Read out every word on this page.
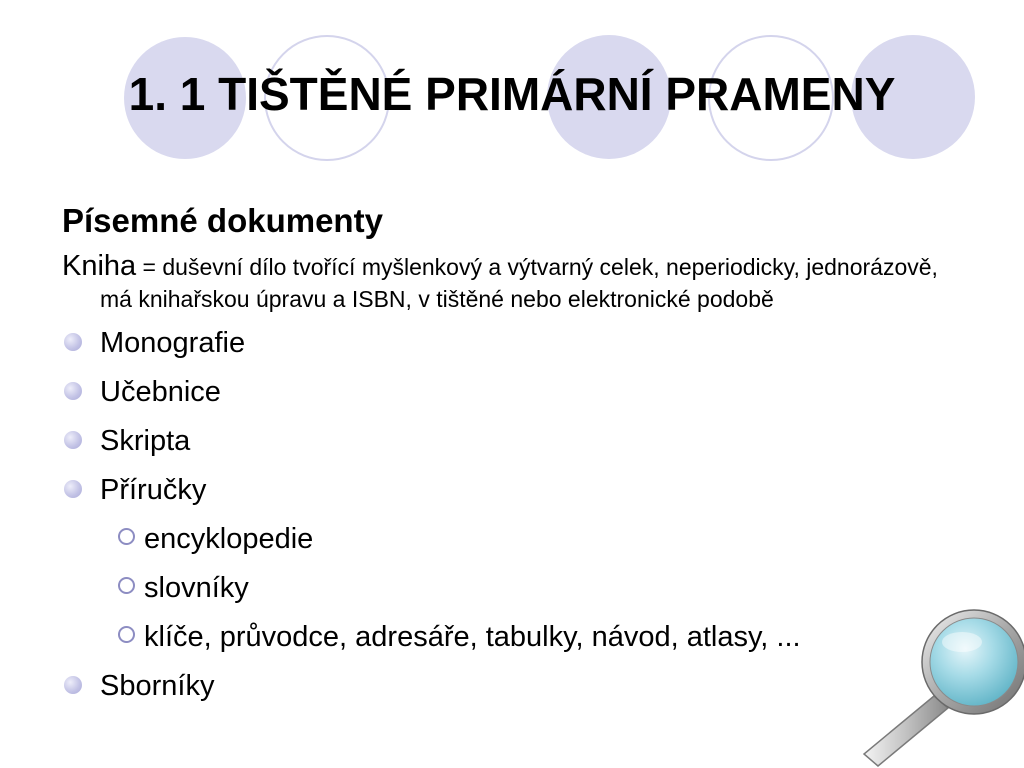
1. 1 TIŠTĚNÉ PRIMÁRNÍ PRAMENY

Písemné dokumenty

Kniha = duševní dílo tvořící myšlenkový a výtvarný celek, neperiodicky, jednorázově, má knihařskou úpravu a ISBN, v tištěné nebo elektronické podobě

Monografie
Učebnice
Skripta
Příručky
encyklopedie
slovníky
klíče, průvodce, adresáře, tabulky, návod, atlasy, ...
Sborníky
